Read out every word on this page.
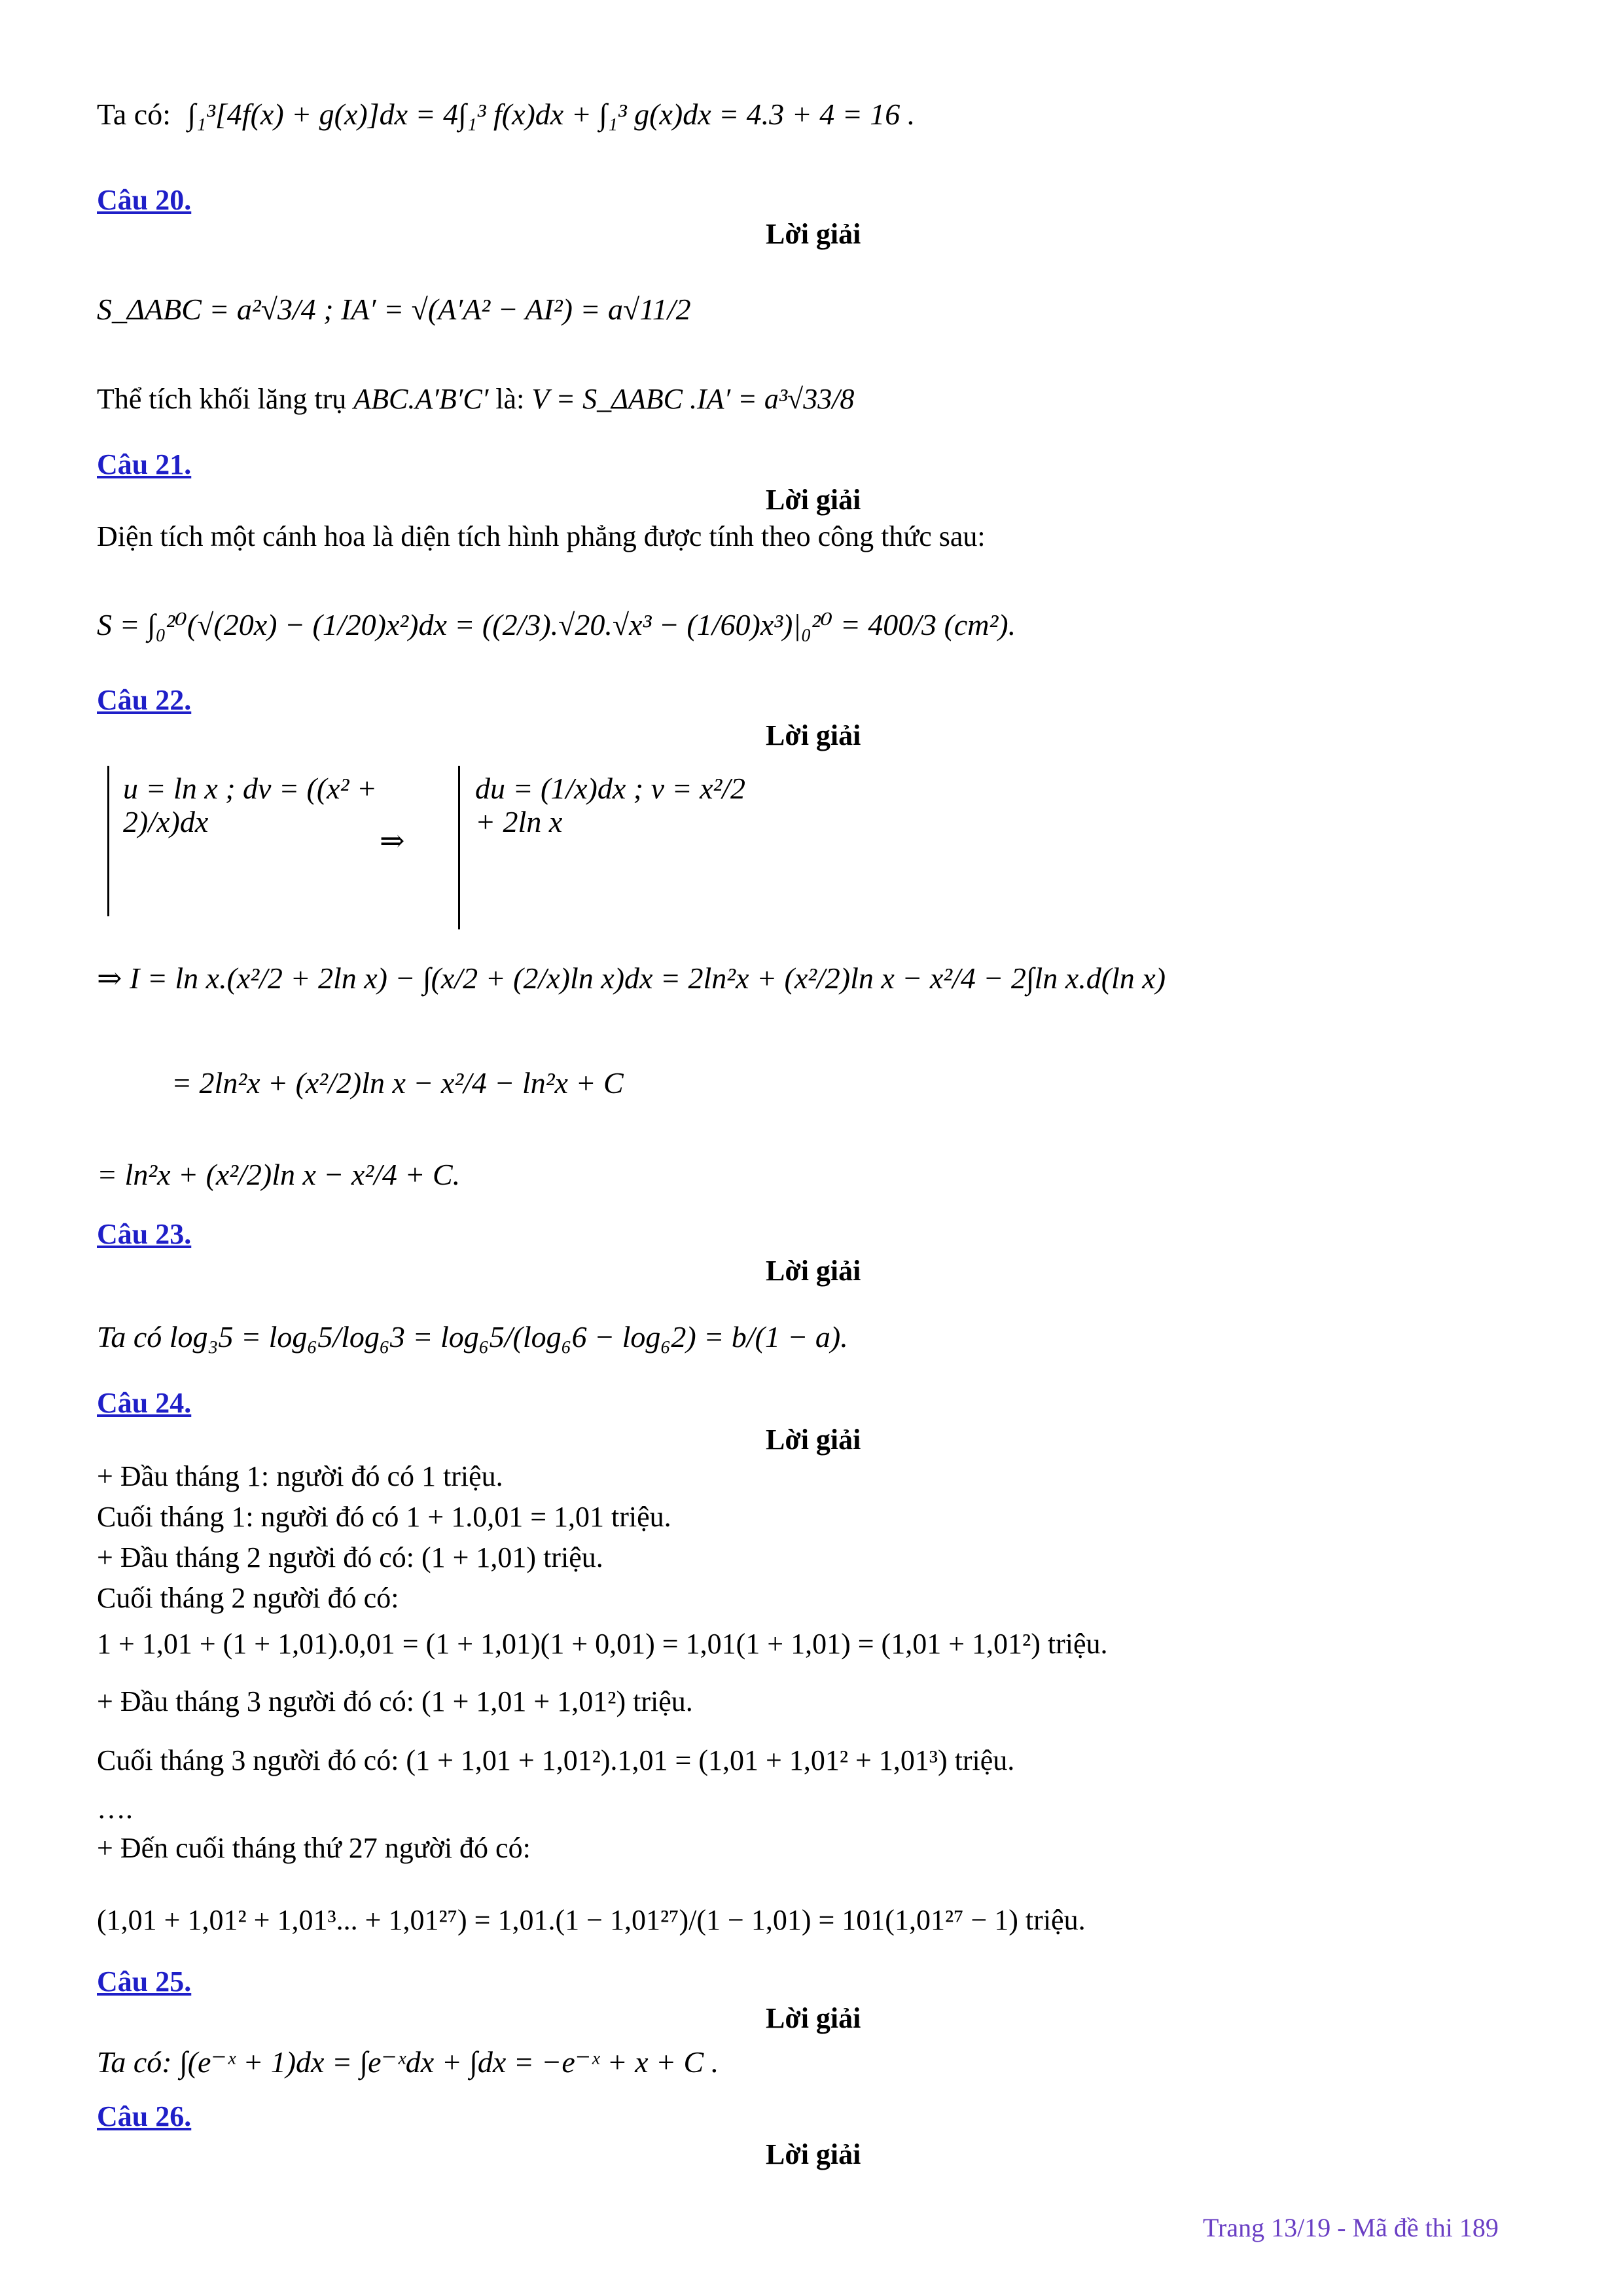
Ta có: ∫₁³[4f(x) + g(x)]dx = 4∫₁³ f(x)dx + ∫₁³ g(x)dx = 4.3 + 4 = 16 .
Câu 20.
Lời giải
S_ΔABC = a²√3/4 ; IA′ = √(A′A² − AI²) = a√11/2
Thể tích khối lăng trụ ABC.A′B′C′ là: V = S_ΔABC .IA′ = a³√33/8
Câu 21.
Lời giải
Diện tích một cánh hoa là diện tích hình phẳng được tính theo công thức sau:
S = ∫₀²⁰(√(20x) − (1/20)x²)dx = ((2/3).√20.√x³ − (1/60)x³)|₀²⁰ = 400/3 (cm²).
Câu 22.
Lời giải
u = ln x ; dv = ((x² + 2)/x)dx
⇒
du = (1/x)dx ; v = x²/2 + 2ln x
⇒ I = ln x.(x²/2 + 2ln x) − ∫(x/2 + (2/x)ln x)dx = 2ln²x + (x²/2)ln x − x²/4 − 2∫ln x.d(ln x)
= 2ln²x + (x²/2)ln x − x²/4 − ln²x + C
= ln²x + (x²/2)ln x − x²/4 + C.
Câu 23.
Lời giải
Ta có log₃5 = log₆5/log₆3 = log₆5/(log₆6 − log₆2) = b/(1 − a).
Câu 24.
Lời giải
+ Đầu tháng 1: người đó có 1 triệu.
Cuối tháng 1: người đó có 1 + 1.0,01 = 1,01 triệu.
+ Đầu tháng 2 người đó có: (1 + 1,01) triệu.
Cuối tháng 2 người đó có:
1 + 1,01 + (1 + 1,01).0,01 = (1 + 1,01)(1 + 0,01) = 1,01(1 + 1,01) = (1,01 + 1,01²) triệu.
+ Đầu tháng 3 người đó có: (1 + 1,01 + 1,01²) triệu.
Cuối tháng 3 người đó có: (1 + 1,01 + 1,01²).1,01 = (1,01 + 1,01² + 1,01³) triệu.
….
+ Đến cuối tháng thứ 27 người đó có:
(1,01 + 1,01² + 1,01³... + 1,01²⁷) = 1,01.(1 − 1,01²⁷)/(1 − 1,01) = 101(1,01²⁷ − 1) triệu.
Câu 25.
Lời giải
Ta có: ∫(e⁻ˣ + 1)dx = ∫e⁻ˣdx + ∫dx = −e⁻ˣ + x + C .
Câu 26.
Lời giải
Trang 13/19 - Mã đề thi 189
